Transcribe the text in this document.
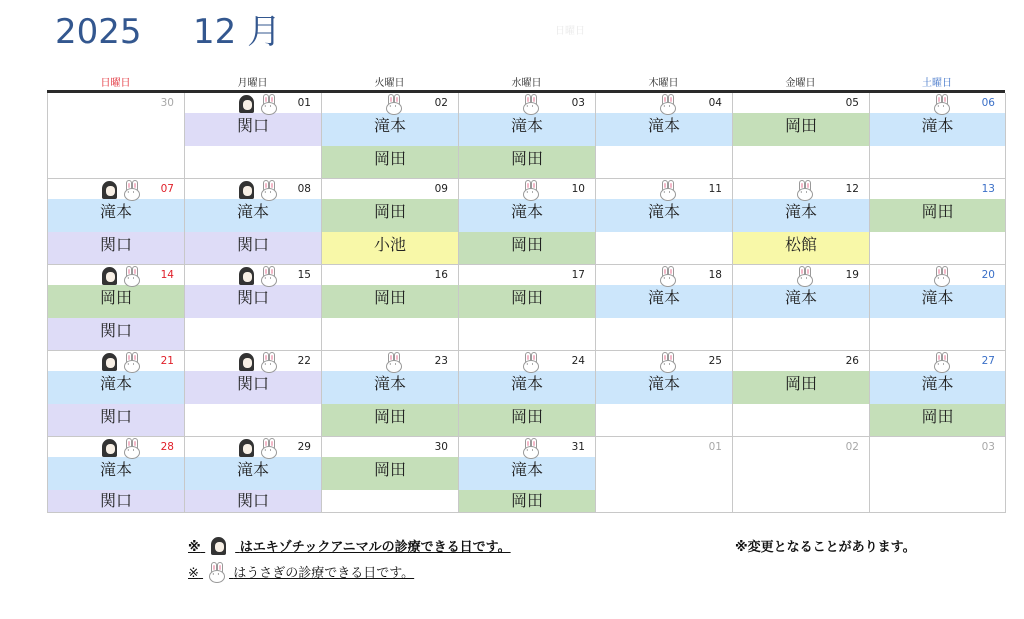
2025 12 月	日曜日
日曜日	月曜日	火曜日	水曜日	木曜日	金曜日	土曜日
30	01
· ·
関口
02
· ·
滝本
岡田
03
· ·
滝本
岡田
04
· ·
滝本
05
岡田
06
· ·
滝本
07
· ·
滝本
関口
08
· ·
滝本
関口
09
岡田
小池
10
· ·
滝本
岡田
11
· ·
滝本
12
· ·
滝本
松館
13
岡田
14
· ·
岡田
関口
15
· ·
関口
16
岡田
17
岡田
18
· ·
滝本
19
· ·
滝本
20
· ·
滝本
21
· ·
滝本
関口
22
· ·
関口
23
· ·
滝本
岡田
24
· ·
滝本
岡田
25
· ·
滝本
26
岡田
27
· ·
滝本
岡田
28
· ·
滝本
関口
29
· ·
滝本
関口
30
岡田
31
· ·
滝本
岡田
01	02	03
※	はエキゾチックアニマルの診療できる日です。
※
· ·	はうさぎの診療できる日です。
※変更となることがあります。
